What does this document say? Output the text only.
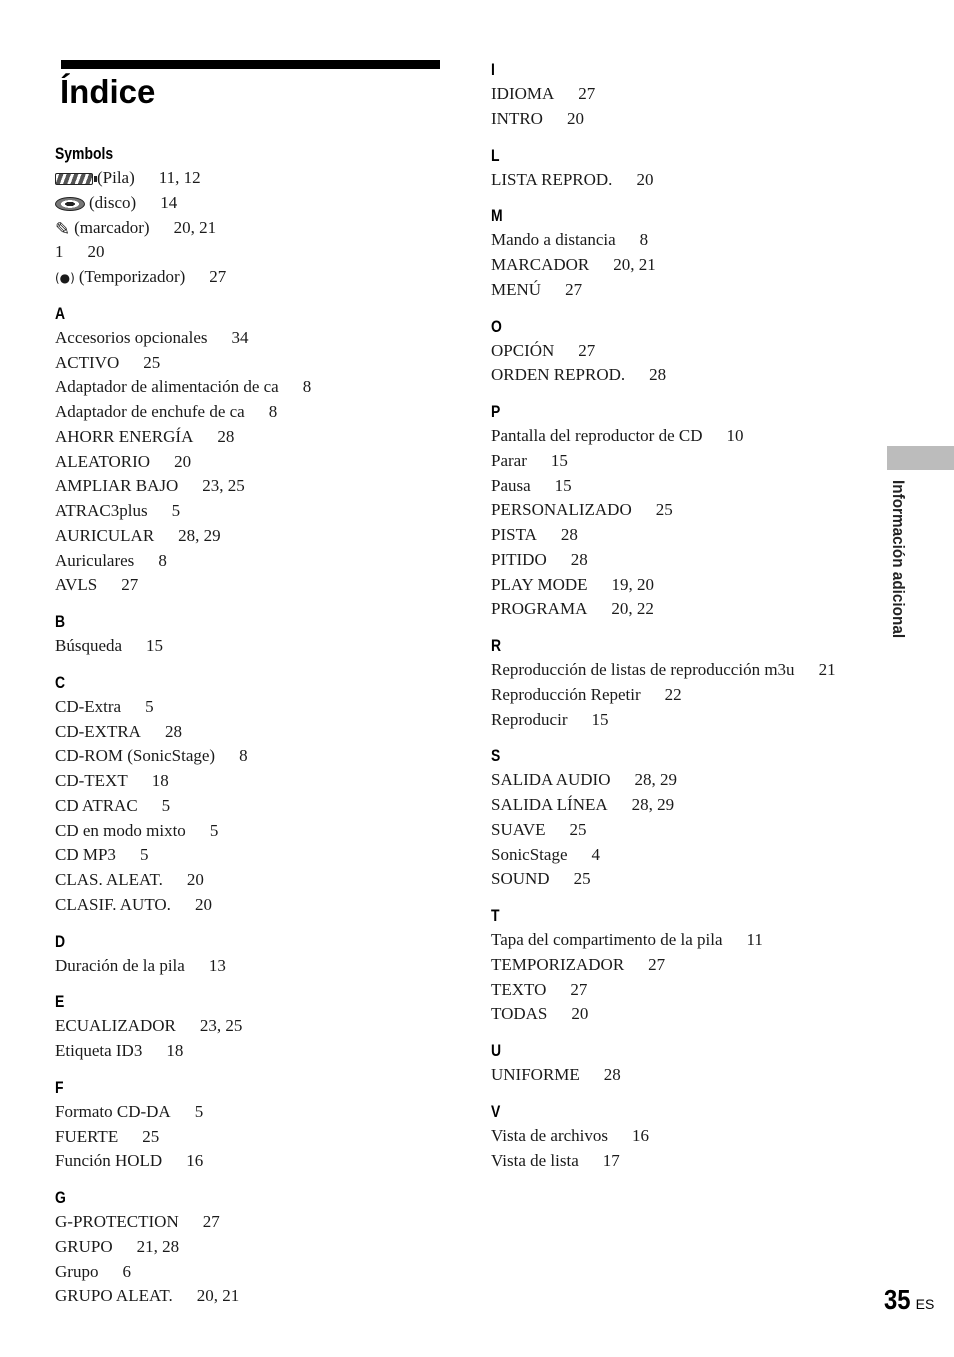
Índice
Symbols
(Pila) 11, 12
(disco) 14
✎ (marcador) 20, 21
1 20
(●) (Temporizador) 27
A
Accesorios opcionales 34
ACTIVO 25
Adaptador de alimentación de ca 8
Adaptador de enchufe de ca 8
AHORR ENERGÍA 28
ALEATORIO 20
AMPLIAR BAJO 23, 25
ATRAC3plus 5
AURICULAR 28, 29
Auriculares 8
AVLS 27
B
Búsqueda 15
C
CD-Extra 5
CD-EXTRA 28
CD-ROM (SonicStage) 8
CD-TEXT 18
CD ATRAC 5
CD en modo mixto 5
CD MP3 5
CLAS. ALEAT. 20
CLASIF. AUTO. 20
D
Duración de la pila 13
E
ECUALIZADOR 23, 25
Etiqueta ID3 18
F
Formato CD-DA 5
FUERTE 25
Función HOLD 16
G
G-PROTECTION 27
GRUPO 21, 28
Grupo 6
GRUPO ALEAT. 20, 21
I
IDIOMA 27
INTRO 20
L
LISTA REPROD. 20
M
Mando a distancia 8
MARCADOR 20, 21
MENÚ 27
O
OPCIÓN 27
ORDEN REPROD. 28
P
Pantalla del reproductor de CD 10
Parar 15
Pausa 15
PERSONALIZADO 25
PISTA 28
PITIDO 28
PLAY MODE 19, 20
PROGRAMA 20, 22
R
Reproducción de listas de reproducción m3u 21
Reproducción Repetir 22
Reproducir 15
S
SALIDA AUDIO 28, 29
SALIDA LÍNEA 28, 29
SUAVE 25
SonicStage 4
SOUND 25
T
Tapa del compartimento de la pila 11
TEMPORIZADOR 27
TEXTO 27
TODAS 20
U
UNIFORME 28
V
Vista de archivos 16
Vista de lista 17
Información adicional
35 ES
